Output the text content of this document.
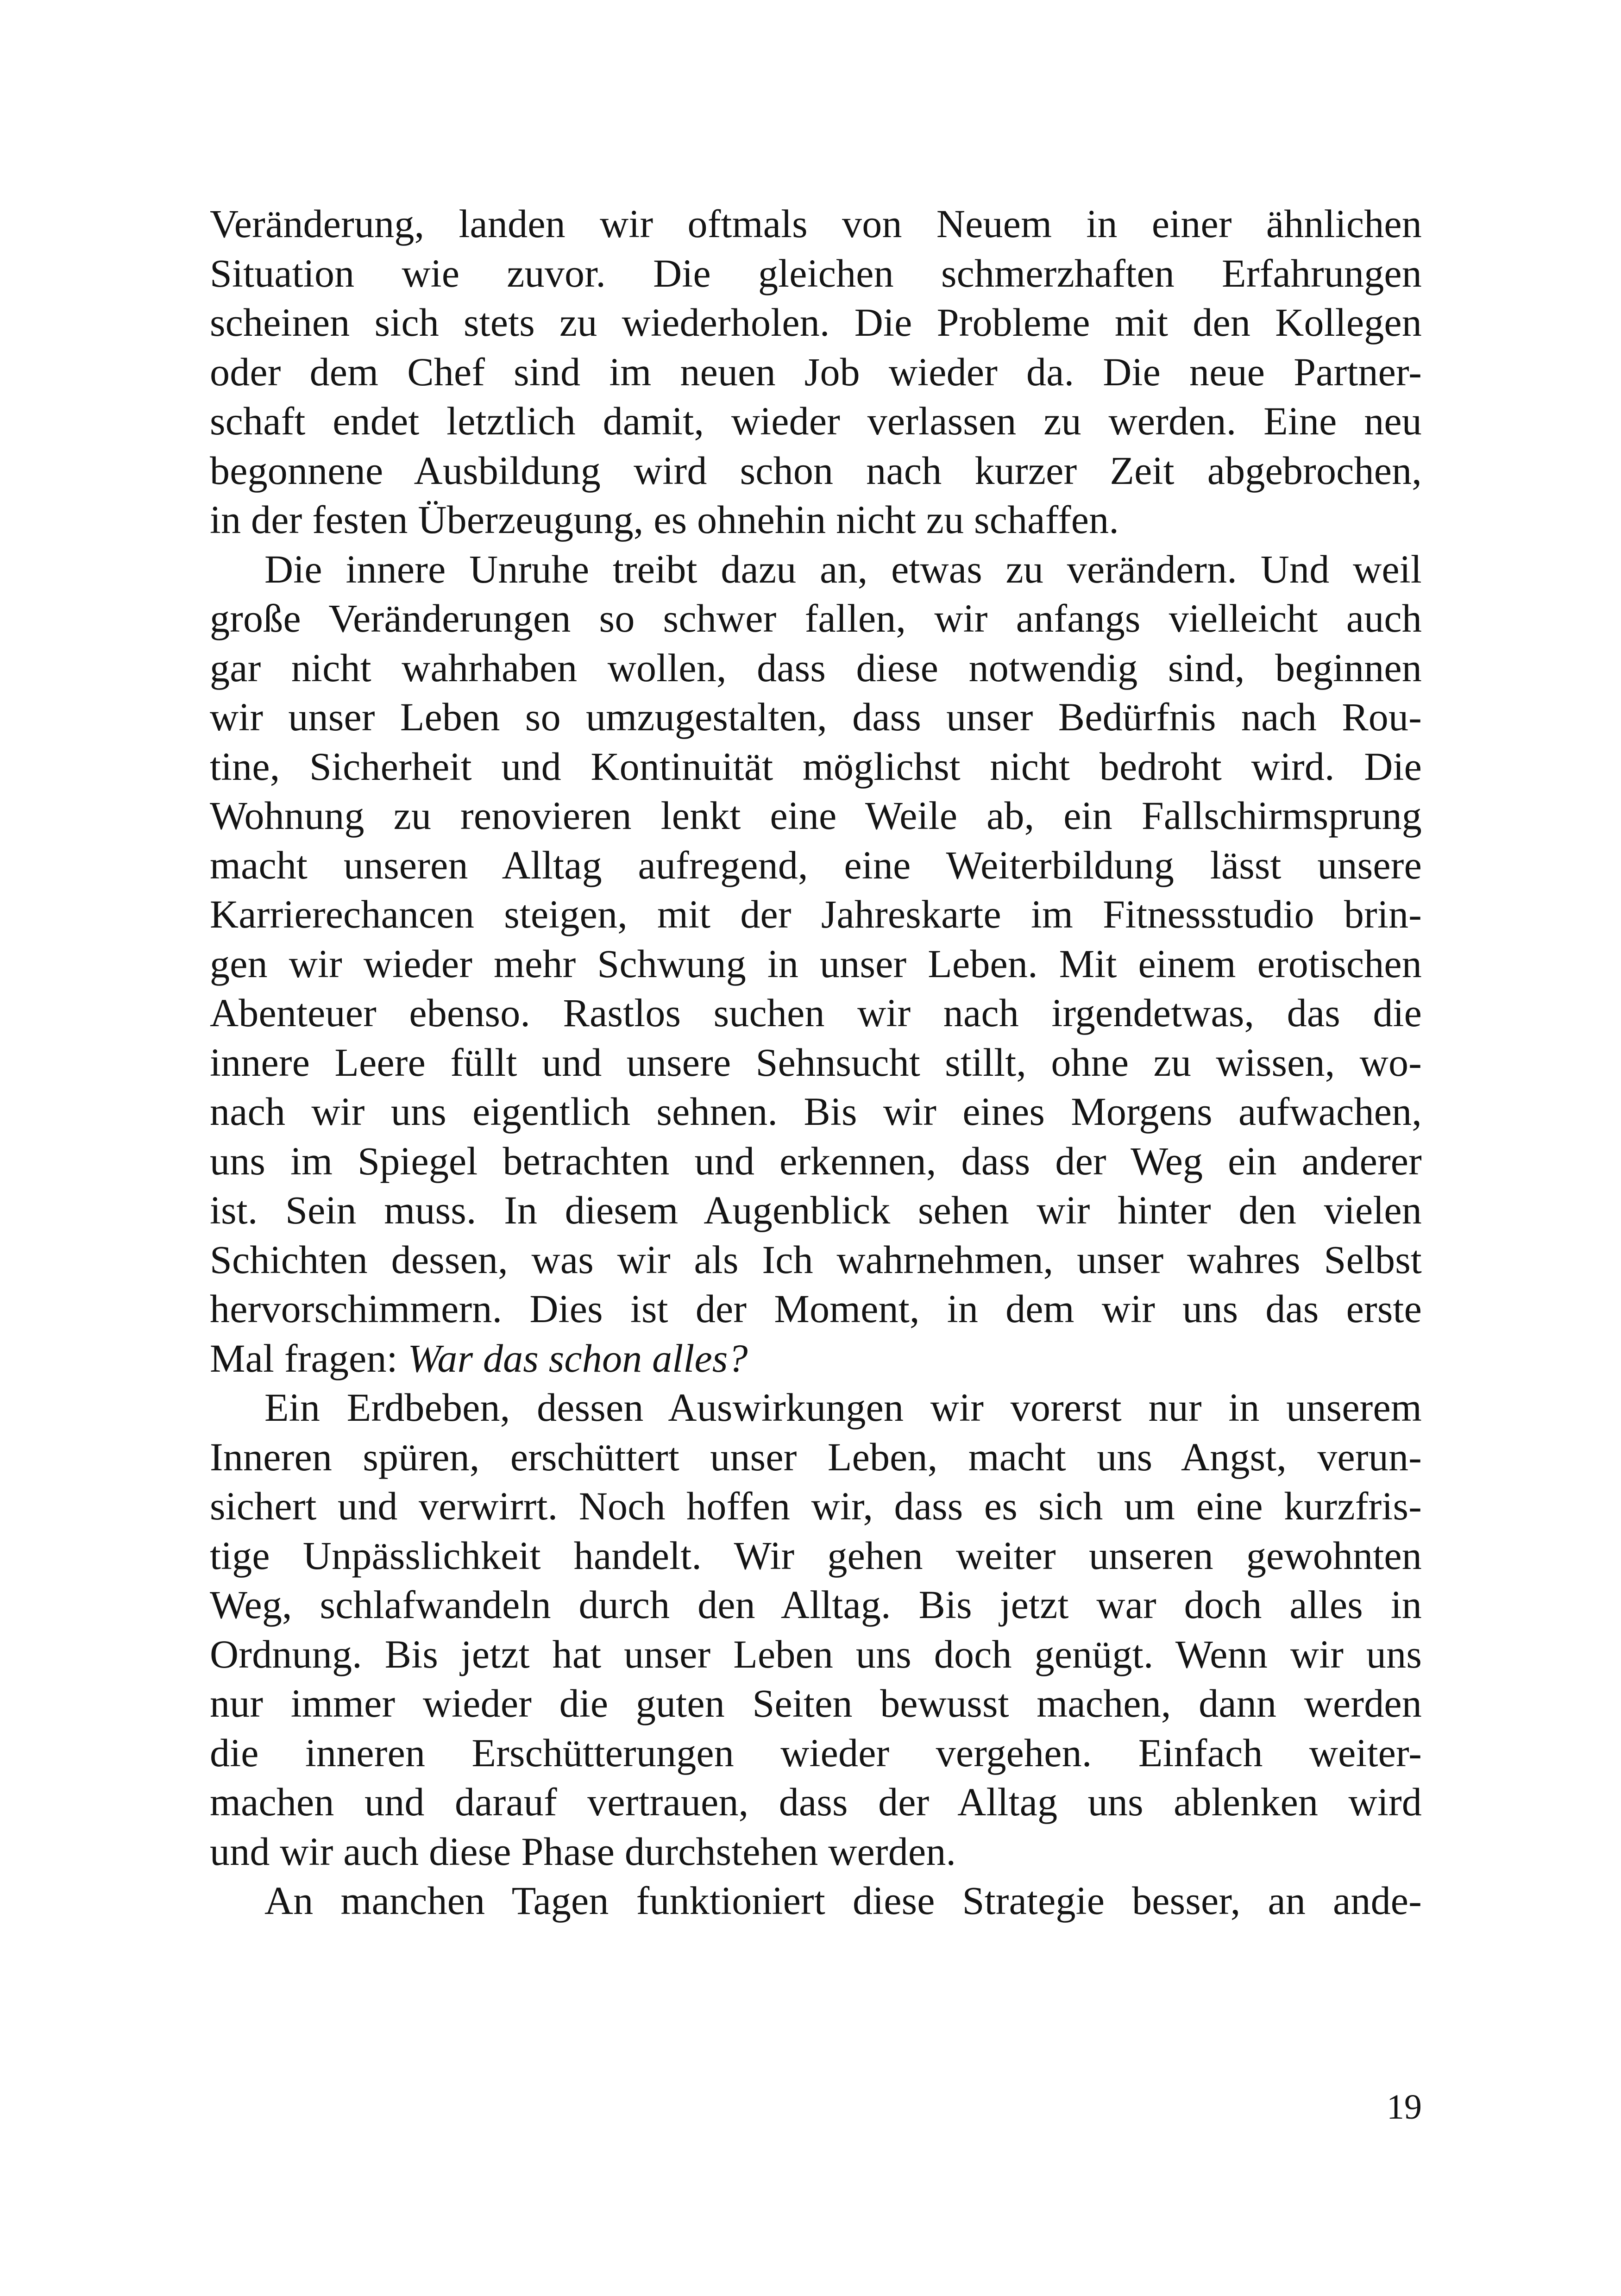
Veränderung, landen wir oftmals von Neuem in einer ähnlichen
Situation wie zuvor. Die gleichen schmerzhaften Erfahrungen
scheinen sich stets zu wiederholen. Die Probleme mit den Kollegen
oder dem Chef sind im neuen Job wieder da. Die neue Partner-
schaft endet letztlich damit, wieder verlassen zu werden. Eine neu
begonnene Ausbildung wird schon nach kurzer Zeit abgebrochen,
in der festen Überzeugung, es ohnehin nicht zu schaffen.

Die innere Unruhe treibt dazu an, etwas zu verändern. Und weil
große Veränderungen so schwer fallen, wir anfangs vielleicht auch
gar nicht wahrhaben wollen, dass diese notwendig sind, beginnen
wir unser Leben so umzugestalten, dass unser Bedürfnis nach Rou-
tine, Sicherheit und Kontinuität möglichst nicht bedroht wird. Die
Wohnung zu renovieren lenkt eine Weile ab, ein Fallschirmsprung
macht unseren Alltag aufregend, eine Weiterbildung lässt unsere
Karrierechancen steigen, mit der Jahreskarte im Fitnessstudio brin-
gen wir wieder mehr Schwung in unser Leben. Mit einem erotischen
Abenteuer ebenso. Rastlos suchen wir nach irgendetwas, das die
innere Leere füllt und unsere Sehnsucht stillt, ohne zu wissen, wo-
nach wir uns eigentlich sehnen. Bis wir eines Morgens aufwachen,
uns im Spiegel betrachten und erkennen, dass der Weg ein anderer
ist. Sein muss. In diesem Augenblick sehen wir hinter den vielen
Schichten dessen, was wir als Ich wahrnehmen, unser wahres Selbst
hervorschimmern. Dies ist der Moment, in dem wir uns das erste
Mal fragen: War das schon alles?

Ein Erdbeben, dessen Auswirkungen wir vorerst nur in unserem
Inneren spüren, erschüttert unser Leben, macht uns Angst, verun-
sichert und verwirrt. Noch hoffen wir, dass es sich um eine kurzfris-
tige Unpässlichkeit handelt. Wir gehen weiter unseren gewohnten
Weg, schlafwandeln durch den Alltag. Bis jetzt war doch alles in
Ordnung. Bis jetzt hat unser Leben uns doch genügt. Wenn wir uns
nur immer wieder die guten Seiten bewusst machen, dann werden
die inneren Erschütterungen wieder vergehen. Einfach weiter-
machen und darauf vertrauen, dass der Alltag uns ablenken wird
und wir auch diese Phase durchstehen werden.

An manchen Tagen funktioniert diese Strategie besser, an ande-

19
